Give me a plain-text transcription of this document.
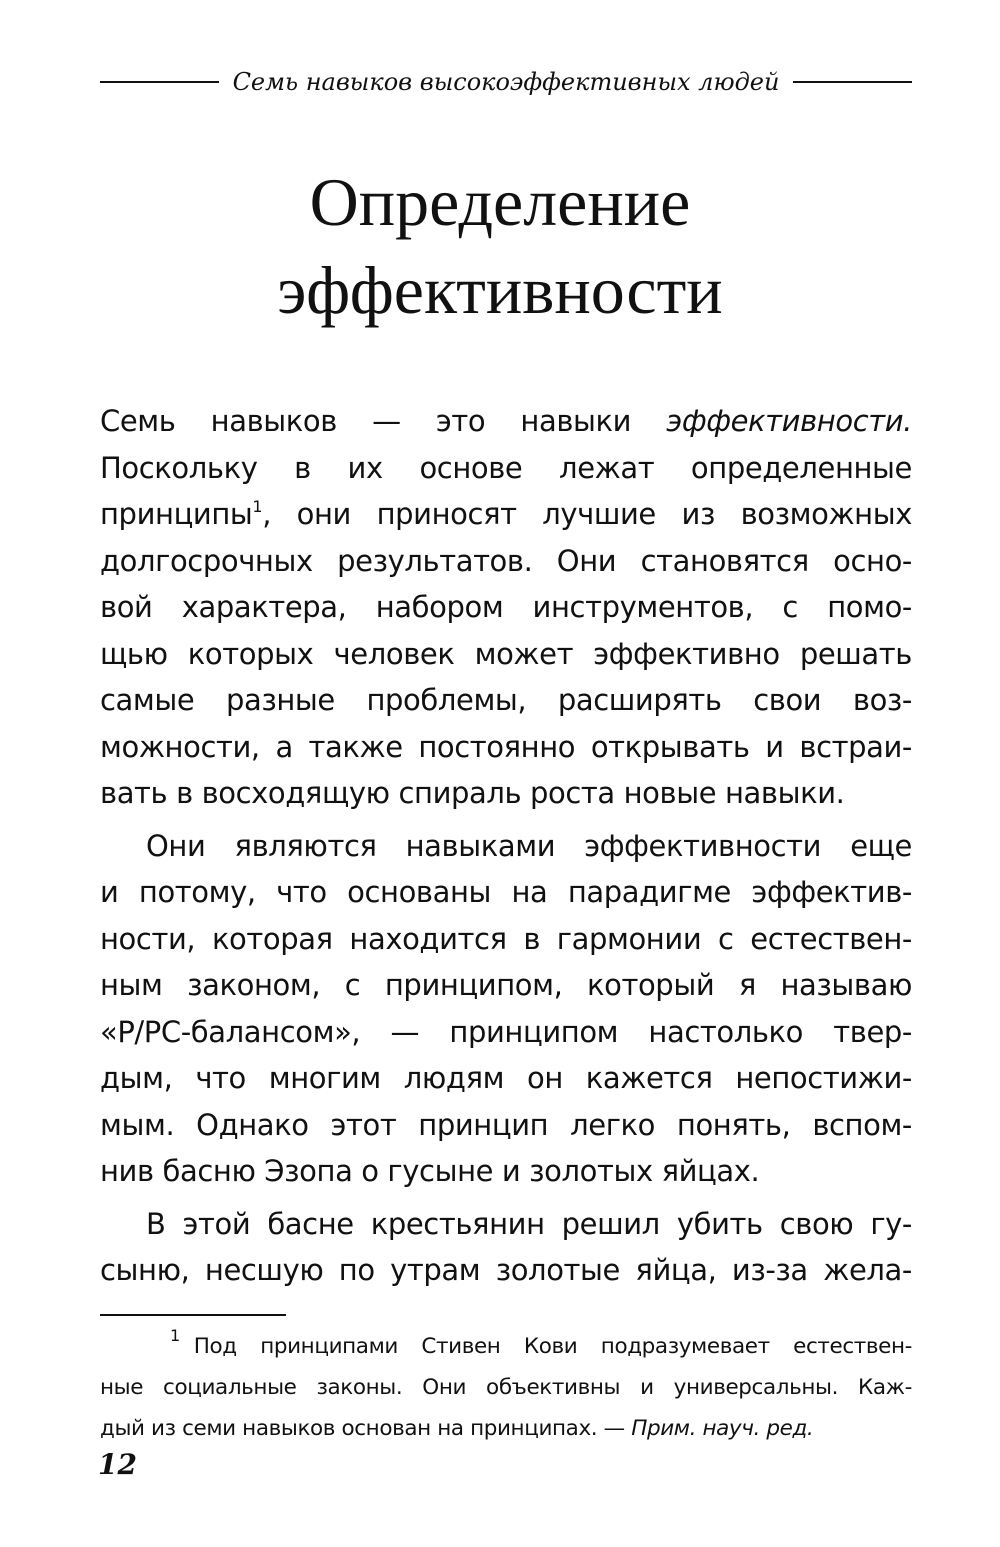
Семь навыков высокоэффективных людей
Определение
эффективности
Семь навыков — это навыки эффективности.
Поскольку в их основе лежат определенные
принципы$^1$, они приносят лучшие из возможных
долгосрочных результатов. Они становятся осно-
вой характера, набором инструментов, с помо-
щью которых человек может эффективно решать
самые разные проблемы, расширять свои воз-
можности, а также постоянно открывать и встраи-
вать в восходящую спираль роста новые навыки.
Они являются навыками эффективности еще
и потому, что основаны на парадигме эффектив-
ности, которая находится в гармонии с естествен-
ным законом, с принципом, который я называю
«P/PC-балансом», — принципом настолько твер-
дым, что многим людям он кажется непостижи-
мым. Однако этот принцип легко понять, вспом-
нив басню Эзопа о гусыне и золотых яйцах.
В этой басне крестьянин решил убить свою гу-
сыню, несшую по утрам золотые яйца, из-за жела-
$^1$ Под принципами Стивен Кови подразумевает естествен-
ные социальные законы. Они объективны и универсальны. Каж-
дый из семи навыков основан на принципах. — Прим. науч. ред.
12
